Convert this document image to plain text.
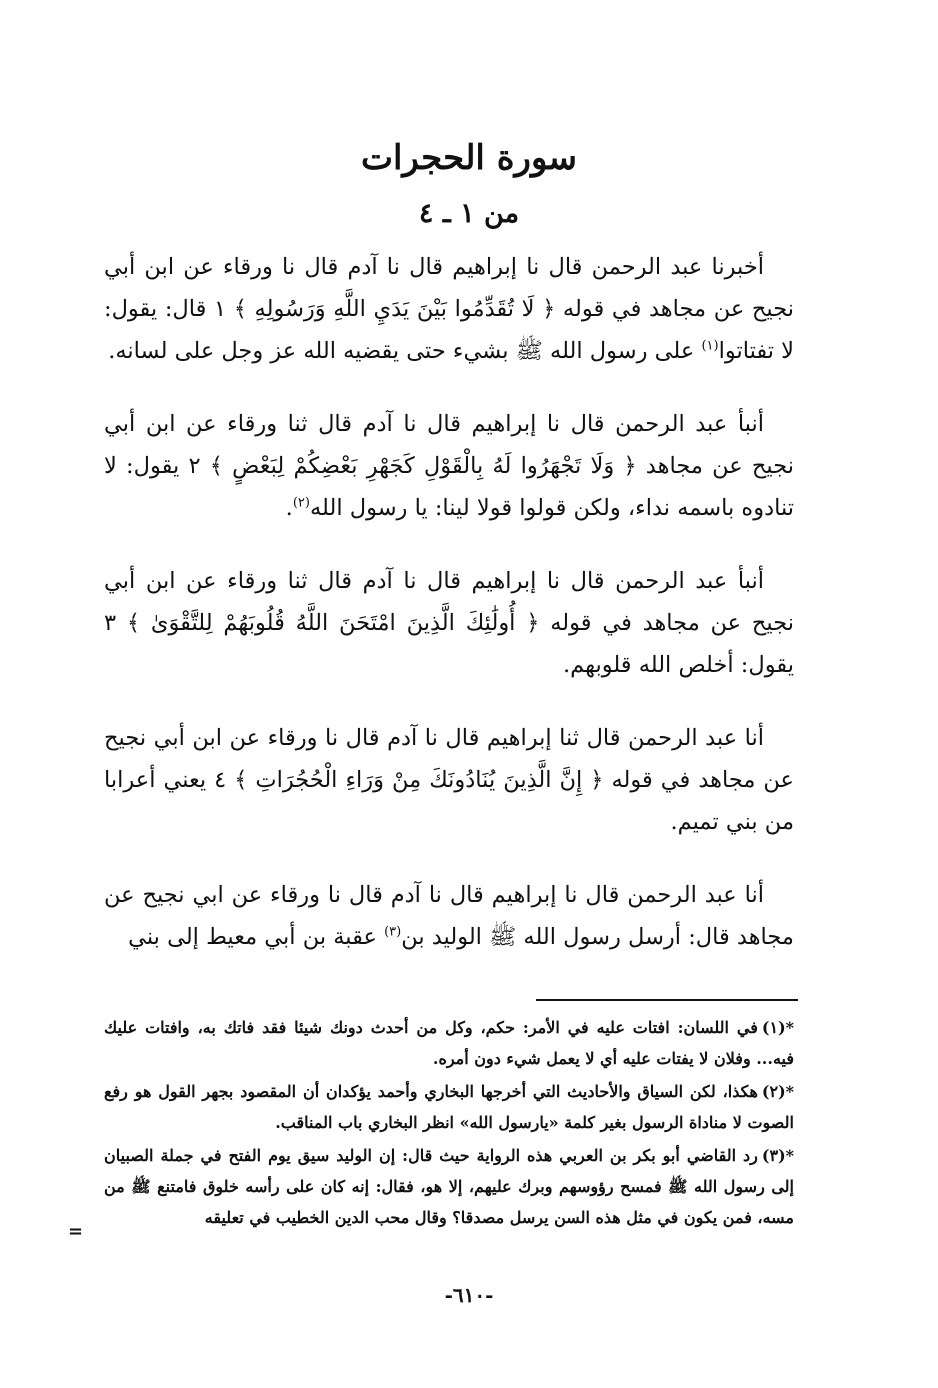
سورة الحجرات
من ١ ـ ٤

أخبرنا عبد الرحمن قال نا إبراهيم قال نا آدم قال نا ورقاء عن ابن أبي نجيح عن مجاهد في قوله ﴿ لَا تُقَدِّمُوا بَيْنَ يَدَيِ اللَّهِ وَرَسُولِهِ ﴾ ١ قال: يقول: لا تفتاتوا$^{(١)}$ على رسول الله ﷺ بشيء حتى يقضيه الله عز وجل على لسانه.

أنبأ عبد الرحمن قال نا إبراهيم قال نا آدم قال ثنا ورقاء عن ابن أبي نجيح عن مجاهد ﴿ وَلَا تَجْهَرُوا لَهُ بِالْقَوْلِ كَجَهْرِ بَعْضِكُمْ لِبَعْضٍ ﴾ ٢ يقول: لا تنادوه باسمه نداء، ولكن قولوا قولا لينا: يا رسول الله$^{(٢)}$.

أنبأ عبد الرحمن قال نا إبراهيم قال نا آدم قال ثنا ورقاء عن ابن أبي نجيح عن مجاهد في قوله ﴿ أُولَٰئِكَ الَّذِينَ امْتَحَنَ اللَّهُ قُلُوبَهُمْ لِلتَّقْوَىٰ ﴾ ٣ يقول: أخلص الله قلوبهم.

أنا عبد الرحمن قال ثنا إبراهيم قال نا آدم قال نا ورقاء عن ابن أبي نجيح عن مجاهد في قوله ﴿ إِنَّ الَّذِينَ يُنَادُونَكَ مِنْ وَرَاءِ الْحُجُرَاتِ ﴾ ٤ يعني أعرابا من بني تميم.

أنا عبد الرحمن قال نا إبراهيم قال نا آدم قال نا ورقاء عن ابي نجيح عن مجاهد قال: أرسل رسول الله ﷺ الوليد بن$^{(٣)}$ عقبة بن أبي معيط إلى بني

*(١)في اللسان: افتات عليه في الأمر: حكم، وكل من أحدث دونك شيئا فقد فاتك به، وافتات عليك فيه... وفلان لا يفتات عليه أي لا يعمل شيء دون أمره.

*(٢)هكذا، لكن السياق والأحاديث التي أخرجها البخاري وأحمد يؤكدان أن المقصود بجهر القول هو رفع الصوت لا مناداة الرسول بغير كلمة «يارسول الله» انظر البخاري باب المناقب.

*(٣)رد القاضي أبو بكر بن العربي هذه الرواية حيث قال: إن الوليد سيق يوم الفتح في جملة الصبيان إلى رسول الله ﷺ فمسح رؤوسهم وبرك عليهم، إلا هو، فقال: إنه كان على رأسه خلوق فامتنع ﷺ من مسه، فمن يكون في مثل هذه السن يرسل مصدقا؟ وقال محب الدين الخطيب في تعليقه

=
-٦١٠-
